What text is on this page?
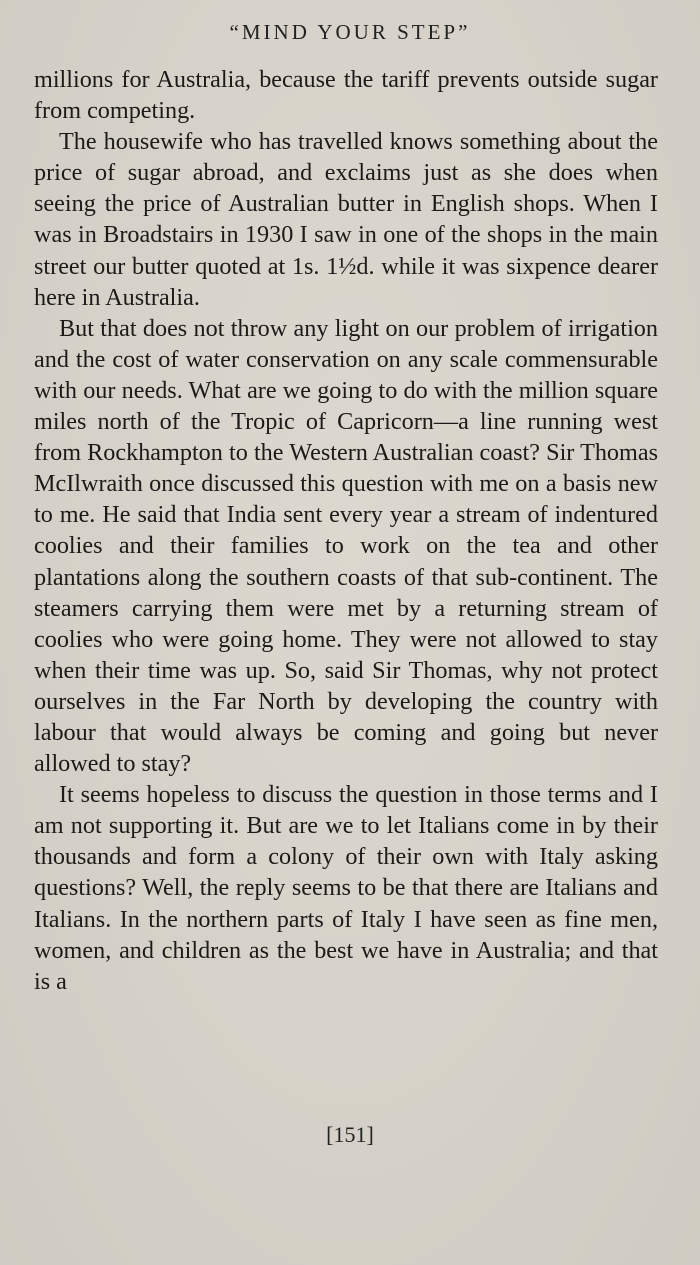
“MIND YOUR STEP”

millions for Australia, because the tariff prevents outside sugar from competing.

The housewife who has travelled knows something about the price of sugar abroad, and exclaims just as she does when seeing the price of Australian butter in English shops. When I was in Broadstairs in 1930 I saw in one of the shops in the main street our butter quoted at 1s. 1½d. while it was sixpence dearer here in Australia.

But that does not throw any light on our problem of irrigation and the cost of water conservation on any scale commensurable with our needs. What are we going to do with the million square miles north of the Tropic of Capricorn—a line running west from Rockhampton to the Western Australian coast? Sir Thomas McIlwraith once discussed this question with me on a basis new to me. He said that India sent every year a stream of indentured coolies and their families to work on the tea and other plantations along the southern coasts of that sub-continent. The steamers carrying them were met by a returning stream of coolies who were going home. They were not allowed to stay when their time was up. So, said Sir Thomas, why not protect ourselves in the Far North by developing the country with labour that would always be coming and going but never allowed to stay?

It seems hopeless to discuss the question in those terms and I am not supporting it. But are we to let Italians come in by their thousands and form a colony of their own with Italy asking questions? Well, the reply seems to be that there are Italians and Italians. In the northern parts of Italy I have seen as fine men, women, and children as the best we have in Australia; and that is a

[151]
